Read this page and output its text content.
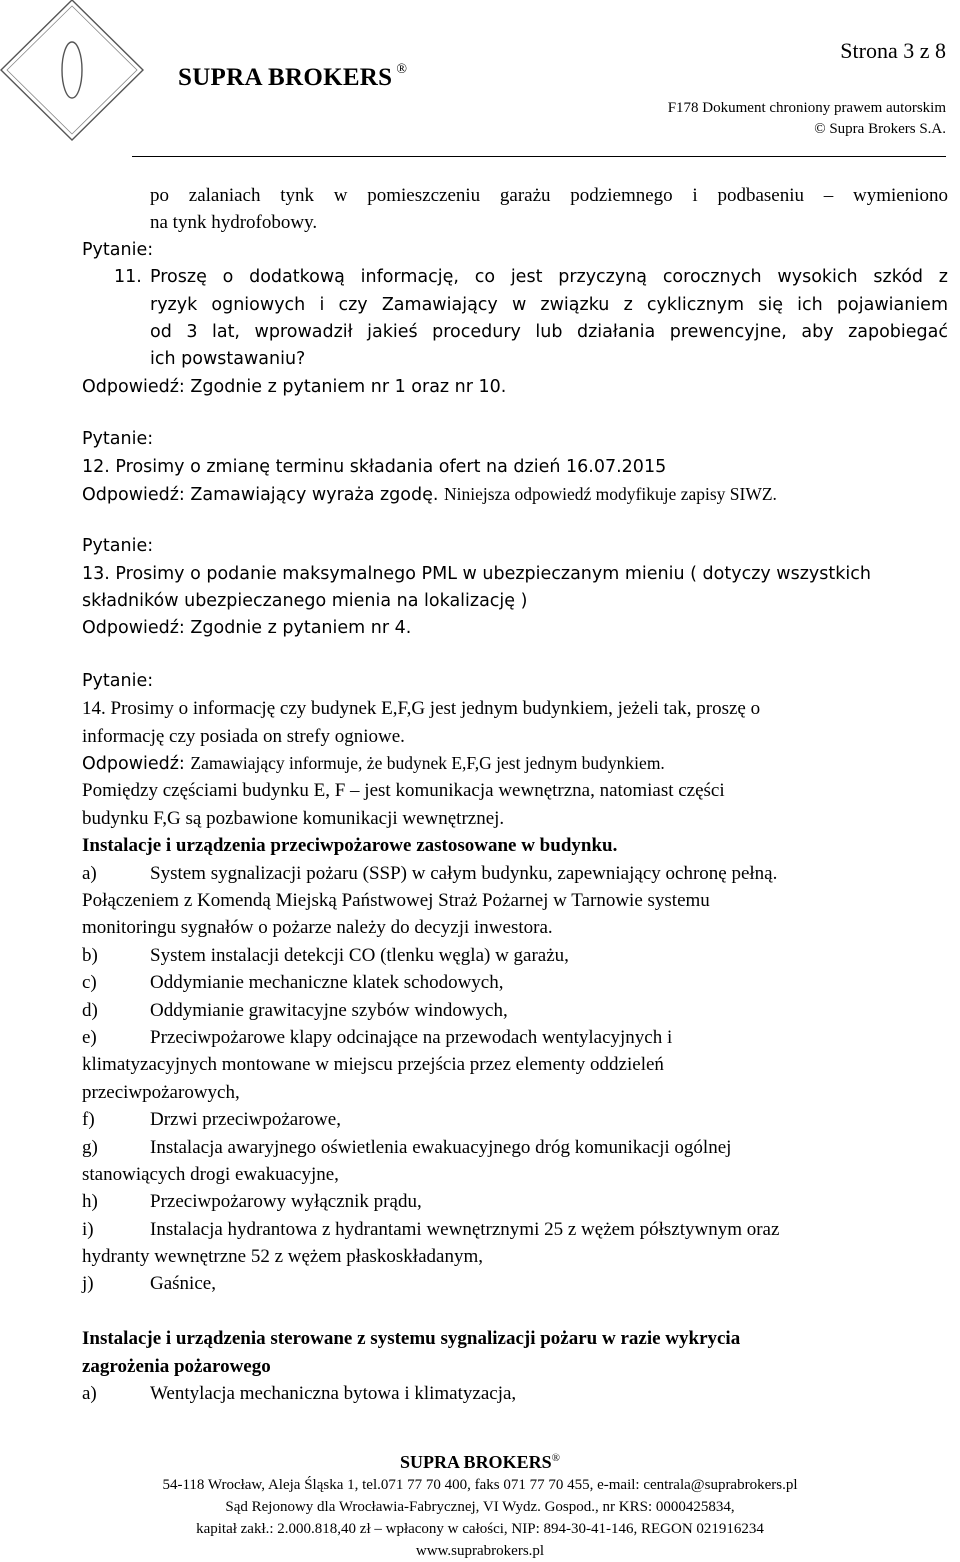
SUPRA BROKERS ®
Strona 3 z 8
F178 Dokument chroniony prawem autorskim
© Supra Brokers S.A.
po zalaniach tynk w pomieszczeniu garażu podziemnego i podbaseniu – wymieniono
na tynk hydrofobowy.
Pytanie:
11. Proszę o dodatkową informację, co jest przyczyną corocznych wysokich szkód z
ryzyk ogniowych i czy Zamawiający w związku z cyklicznym się ich pojawianiem
od 3 lat, wprowadził jakieś procedury lub działania prewencyjne, aby zapobiegać
ich powstawaniu?
Odpowiedź: Zgodnie z pytaniem nr 1 oraz nr 10.
Pytanie:
12. Prosimy o zmianę terminu składania ofert na dzień 16.07.2015
Odpowiedź: Zamawiający wyraża zgodę. Niniejsza odpowiedź modyfikuje zapisy SIWZ.
Pytanie:
13. Prosimy o podanie maksymalnego PML w ubezpieczanym mieniu ( dotyczy wszystkich
składników ubezpieczanego mienia na lokalizację )
Odpowiedź: Zgodnie z pytaniem nr 4.
Pytanie:
14. Prosimy o informację czy budynek E,F,G jest jednym budynkiem, jeżeli tak, proszę o
informację czy posiada on strefy ogniowe.
Odpowiedź: Zamawiający informuje, że budynek E,F,G jest jednym budynkiem.
Pomiędzy częściami budynku E, F – jest komunikacja wewnętrzna, natomiast części
budynku F,G są pozbawione komunikacji wewnętrznej.
Instalacje i urządzenia przeciwpożarowe zastosowane w budynku.
a)	System sygnalizacji pożaru (SSP) w całym budynku, zapewniający ochronę pełną.
Połączeniem z Komendą Miejską Państwowej Straż Pożarnej w Tarnowie systemu
monitoringu sygnałów o pożarze należy do decyzji inwestora.
b)	System instalacji detekcji CO (tlenku węgla) w garażu,
c)	Oddymianie mechaniczne klatek schodowych,
d)	Oddymianie grawitacyjne szybów windowych,
e)	Przeciwpożarowe klapy odcinające na przewodach wentylacyjnych i
klimatyzacyjnych montowane w miejscu przejścia przez elementy oddzieleń
przeciwpożarowych,
f)	Drzwi przeciwpożarowe,
g)	Instalacja awaryjnego oświetlenia ewakuacyjnego dróg komunikacji ogólnej
stanowiących drogi ewakuacyjne,
h)	Przeciwpożarowy wyłącznik prądu,
i)	Instalacja hydrantowa z hydrantami wewnętrznymi 25 z wężem półsztywnym oraz
hydranty wewnętrzne 52 z wężem płaskoskładanym,
j)	Gaśnice,
Instalacje i urządzenia sterowane z systemu sygnalizacji pożaru w razie wykrycia
zagrożenia pożarowego
a)	Wentylacja mechaniczna bytowa i klimatyzacja,
SUPRA BROKERS®
54-118 Wrocław, Aleja Śląska 1, tel.071 77 70 400, faks 071 77 70 455, e-mail: centrala@suprabrokers.pl
Sąd Rejonowy dla Wrocławia-Fabrycznej, VI Wydz. Gospod., nr KRS: 0000425834,
kapitał zakł.: 2.000.818,40 zł – wpłacony w całości, NIP: 894-30-41-146, REGON 021916234
www.suprabrokers.pl
